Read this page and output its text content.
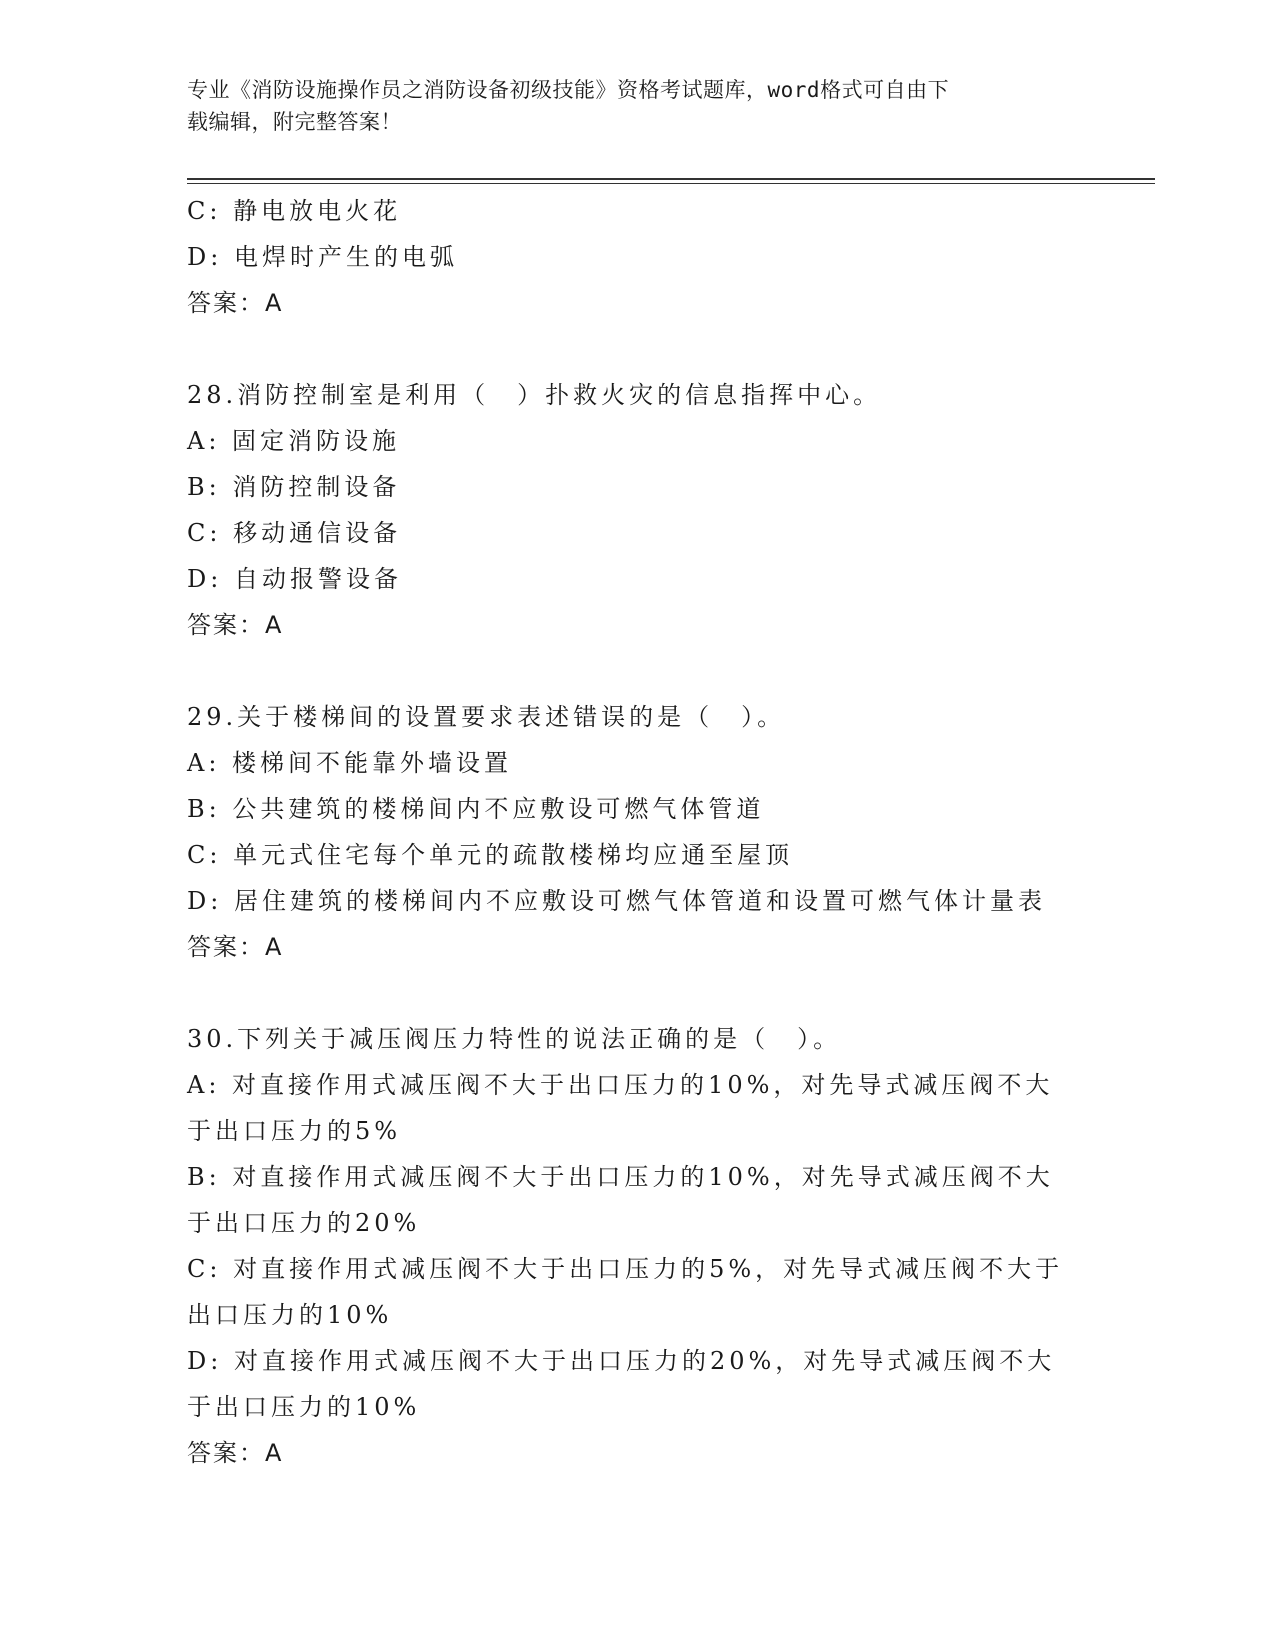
专业《消防设施操作员之消防设备初级技能》资格考试题库，word格式可自由下
载编辑，附完整答案！
C: 静电放电火花
D: 电焊时产生的电弧
答案：A
28.消防控制室是利用（　）扑救火灾的信息指挥中心。
A: 固定消防设施
B: 消防控制设备
C: 移动通信设备
D: 自动报警设备
答案：A
29.关于楼梯间的设置要求表述错误的是（　）。
A: 楼梯间不能靠外墙设置
B: 公共建筑的楼梯间内不应敷设可燃气体管道
C: 单元式住宅每个单元的疏散楼梯均应通至屋顶
D: 居住建筑的楼梯间内不应敷设可燃气体管道和设置可燃气体计量表
答案：A
30.下列关于减压阀压力特性的说法正确的是（　）。
A: 对直接作用式减压阀不大于出口压力的10%，对先导式减压阀不大
于出口压力的5%
B: 对直接作用式减压阀不大于出口压力的10%，对先导式减压阀不大
于出口压力的20%
C: 对直接作用式减压阀不大于出口压力的5%，对先导式减压阀不大于
出口压力的10%
D: 对直接作用式减压阀不大于出口压力的20%，对先导式减压阀不大
于出口压力的10%
答案：A
